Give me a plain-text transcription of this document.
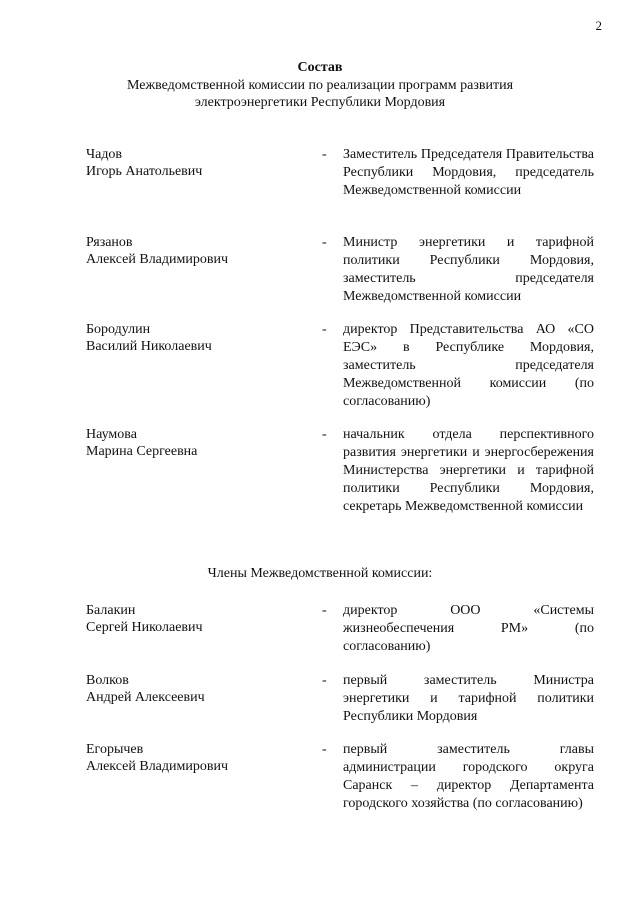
2
Состав
Межведомственной комиссии по реализации программ развития
электроэнергетики Республики Мордовия
Чадов
Игорь Анатольевич
- Заместитель Председателя Правительства Республики Мордовия, председатель Межведомственной комиссии
Рязанов
Алексей Владимирович
- Министр энергетики и тарифной политики Республики Мордовия, заместитель председателя Межведомственной комиссии
Бородулин
Василий Николаевич
- директор Представительства АО «СО ЕЭС» в Республике Мордовия, заместитель председателя Межведомственной комиссии (по согласованию)
Наумова
Марина Сергеевна
- начальник отдела перспективного развития энергетики и энергосбережения Министерства энергетики и тарифной политики Республики Мордовия, секретарь Межведомственной комиссии
Члены Межведомственной комиссии:
Балакин
Сергей Николаевич
- директор ООО «Системы жизнеобеспечения РМ» (по согласованию)
Волков
Андрей Алексеевич
- первый заместитель Министра энергетики и тарифной политики Республики Мордовия
Егорычев
Алексей Владимирович
- первый заместитель главы администрации городского округа Саранск – директор Департамента городского хозяйства (по согласованию)
